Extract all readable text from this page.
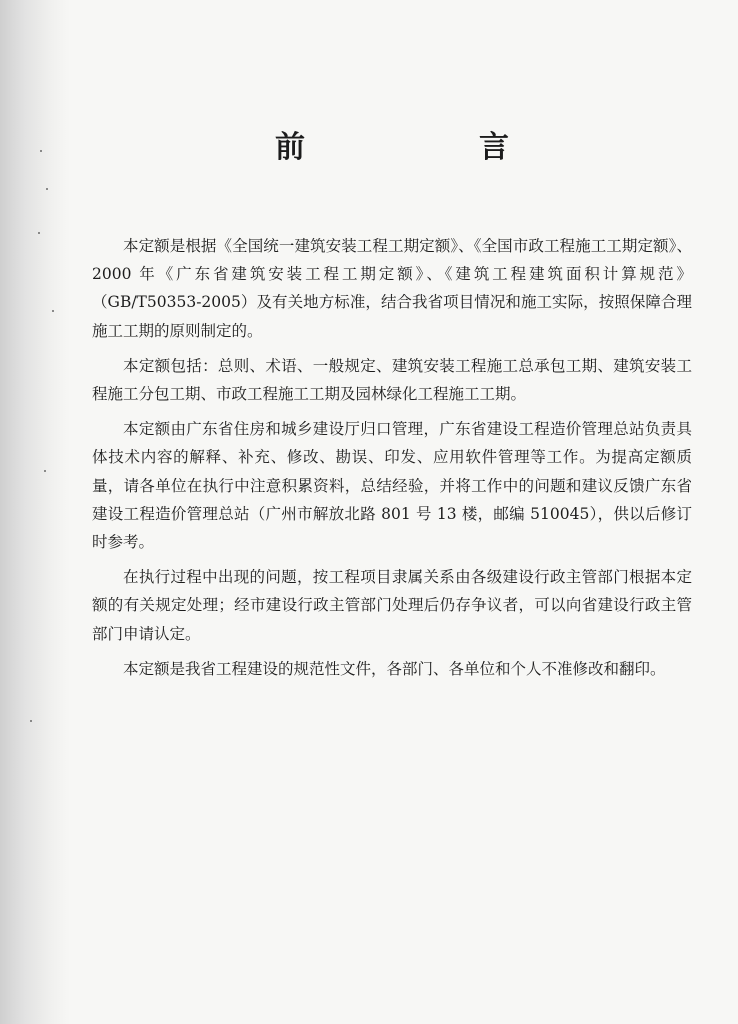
前　言

本定额是根据《全国统一建筑安装工程工期定额》、《全国市政工程施工工期定额》、2000 年《广东省建筑安装工程工期定额》、《建筑工程建筑面积计算规范》（GB/T50353-2005）及有关地方标准，结合我省项目情况和施工实际，按照保障合理施工工期的原则制定的。

本定额包括：总则、术语、一般规定、建筑安装工程施工总承包工期、建筑安装工程施工分包工期、市政工程施工工期及园林绿化工程施工工期。

本定额由广东省住房和城乡建设厅归口管理，广东省建设工程造价管理总站负责具体技术内容的解释、补充、修改、勘误、印发、应用软件管理等工作。为提高定额质量，请各单位在执行中注意积累资料，总结经验，并将工作中的问题和建议反馈广东省建设工程造价管理总站（广州市解放北路 801 号 13 楼，邮编 510045），供以后修订时参考。

在执行过程中出现的问题，按工程项目隶属关系由各级建设行政主管部门根据本定额的有关规定处理；经市建设行政主管部门处理后仍存争议者，可以向省建设行政主管部门申请认定。

本定额是我省工程建设的规范性文件，各部门、各单位和个人不准修改和翻印。
